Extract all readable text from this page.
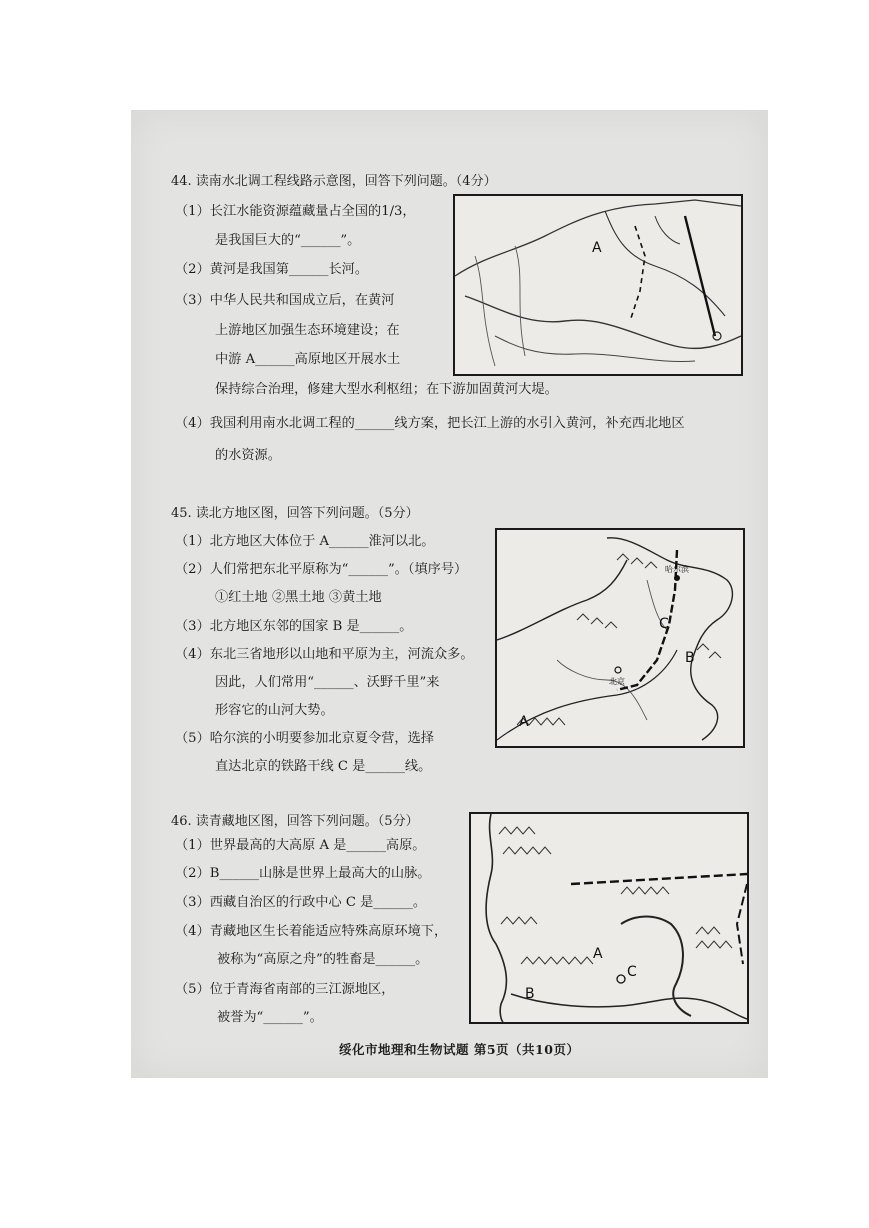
44. 读南水北调工程线路示意图，回答下列问题。（4分）
（1）长江水能资源蕴藏量占全国的1/3，
是我国巨大的“______”。
（2）黄河是我国第______长河。
（3）中华人民共和国成立后，在黄河
上游地区加强生态环境建设；在
中游 A______高原地区开展水土
保持综合治理，修建大型水利枢纽；在下游加固黄河大堤。
（4）我国利用南水北调工程的______线方案，把长江上游的水引入黄河，补充西北地区
的水资源。
A
45. 读北方地区图，回答下列问题。（5分）
（1）北方地区大体位于 A______淮河以北。
（2）人们常把东北平原称为“______”。（填序号）
①红土地 ②黑土地 ③黄土地
（3）北方地区东邻的国家 B 是______。
（4）东北三省地形以山地和平原为主，河流众多。
因此，人们常用“______、沃野千里”来
形容它的山河大势。
（5）哈尔滨的小明要参加北京夏令营，选择
直达北京的铁路干线 C 是______线。
哈尔滨
北京
C
B
A
46. 读青藏地区图，回答下列问题。（5分）
（1）世界最高的大高原 A 是______高原。
（2）B______山脉是世界上最高大的山脉。
（3）西藏自治区的行政中心 C 是______。
（4）青藏地区生长着能适应特殊高原环境下，
被称为“高原之舟”的牲畜是______。
（5）位于青海省南部的三江源地区，
被誉为“______”。
A
C
B
绥化市地理和生物试题 第5页（共10页）
